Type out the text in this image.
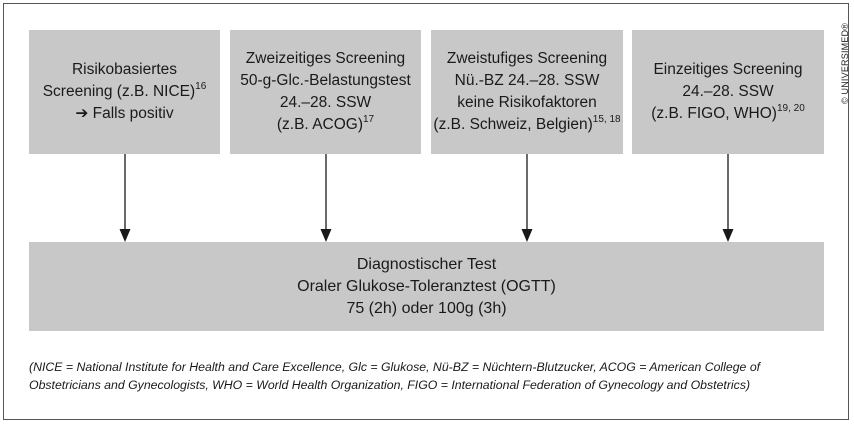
Risikobasiertes
Screening (z.B. NICE)$^{16}$
➔ Falls positiv
Zweizeitiges Screening
50-g-Glc.-Belastungstest
24.–28. SSW
(z.B. ACOG)$^{17}$
Zweistufiges Screening
Nü.-BZ 24.–28. SSW
keine Risikofaktoren
(z.B. Schweiz, Belgien)$^{15, 18}$
Einzeitiges Screening
24.–28. SSW
(z.B. FIGO, WHO)$^{19, 20}$
Diagnostischer Test
Oraler Glukose-Toleranztest (OGTT)
75 (2h) oder 100g (3h)
(NICE = National Institute for Health and Care Excellence, Glc = Glukose, Nü-BZ = Nüchtern-Blutzucker, ACOG = American College of
Obstetricians and Gynecologists, WHO = World Health Organization, FIGO = International Federation of Gynecology and Obstetrics)
© UNIVERSIMED®
